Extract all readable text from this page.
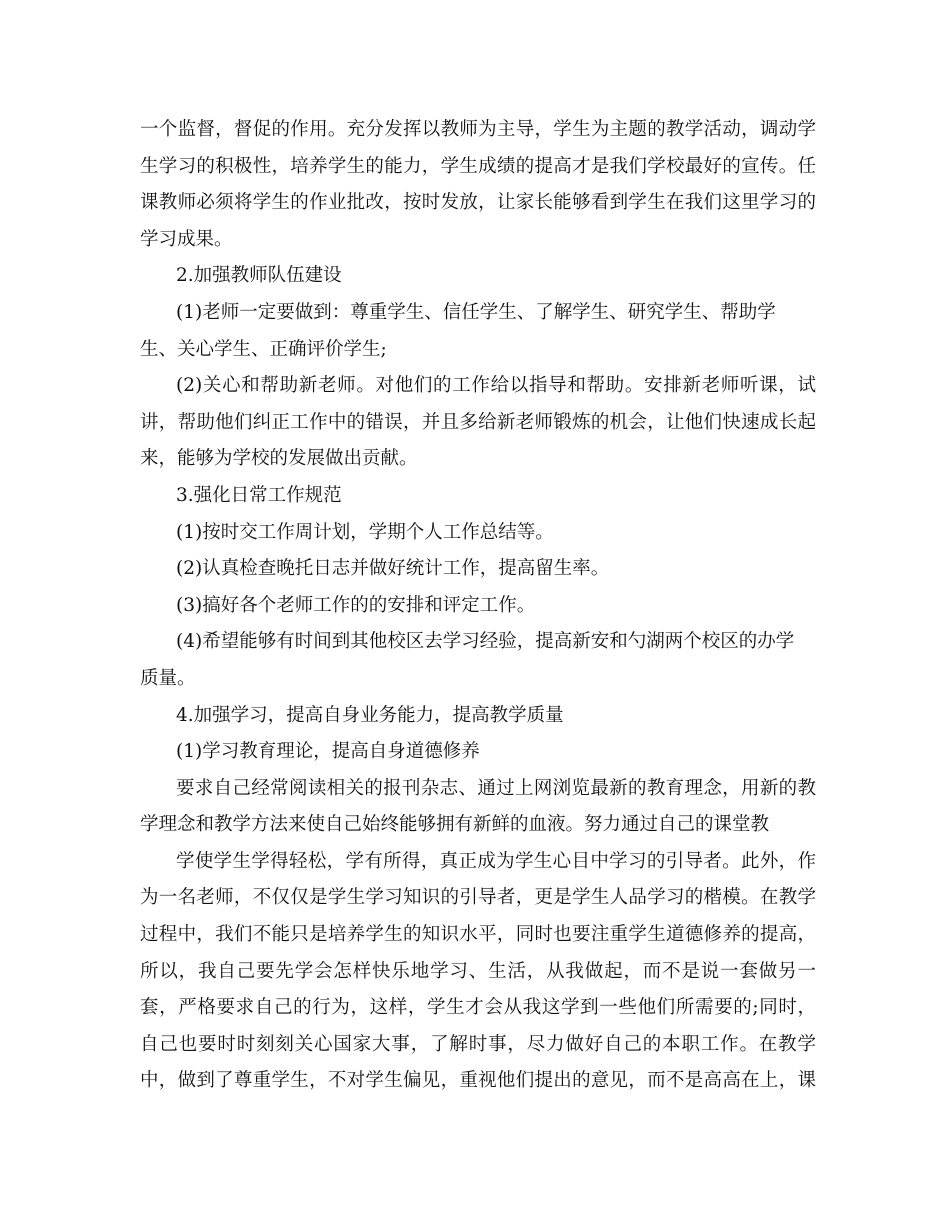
一个监督，督促的作用。充分发挥以教师为主导，学生为主题的教学活动，调动学
生学习的积极性，培养学生的能力，学生成绩的提高才是我们学校最好的宣传。任
课教师必须将学生的作业批改，按时发放，让家长能够看到学生在我们这里学习的
学习成果。
2.加强教师队伍建设
(1)老师一定要做到：尊重学生、信任学生、了解学生、研究学生、帮助学
生、关心学生、正确评价学生;
(2)关心和帮助新老师。对他们的工作给以指导和帮助。安排新老师听课，试
讲，帮助他们纠正工作中的错误，并且多给新老师锻炼的机会，让他们快速成长起
来，能够为学校的发展做出贡献。
3.强化日常工作规范
(1)按时交工作周计划，学期个人工作总结等。
(2)认真检查晚托日志并做好统计工作，提高留生率。
(3)搞好各个老师工作的的安排和评定工作。
(4)希望能够有时间到其他校区去学习经验，提高新安和勺湖两个校区的办学
质量。
4.加强学习，提高自身业务能力，提高教学质量
(1)学习教育理论，提高自身道德修养
要求自己经常阅读相关的报刊杂志、通过上网浏览最新的教育理念，用新的教
学理念和教学方法来使自己始终能够拥有新鲜的血液。努力通过自己的课堂教
学使学生学得轻松，学有所得，真正成为学生心目中学习的引导者。此外，作
为一名老师，不仅仅是学生学习知识的引导者，更是学生人品学习的楷模。在教学
过程中，我们不能只是培养学生的知识水平，同时也要注重学生道德修养的提高，
所以，我自己要先学会怎样快乐地学习、生活，从我做起，而不是说一套做另一
套，严格要求自己的行为，这样，学生才会从我这学到一些他们所需要的;同时，
自己也要时时刻刻关心国家大事，了解时事，尽力做好自己的本职工作。在教学
中，做到了尊重学生，不对学生偏见，重视他们提出的意见，而不是高高在上，课
